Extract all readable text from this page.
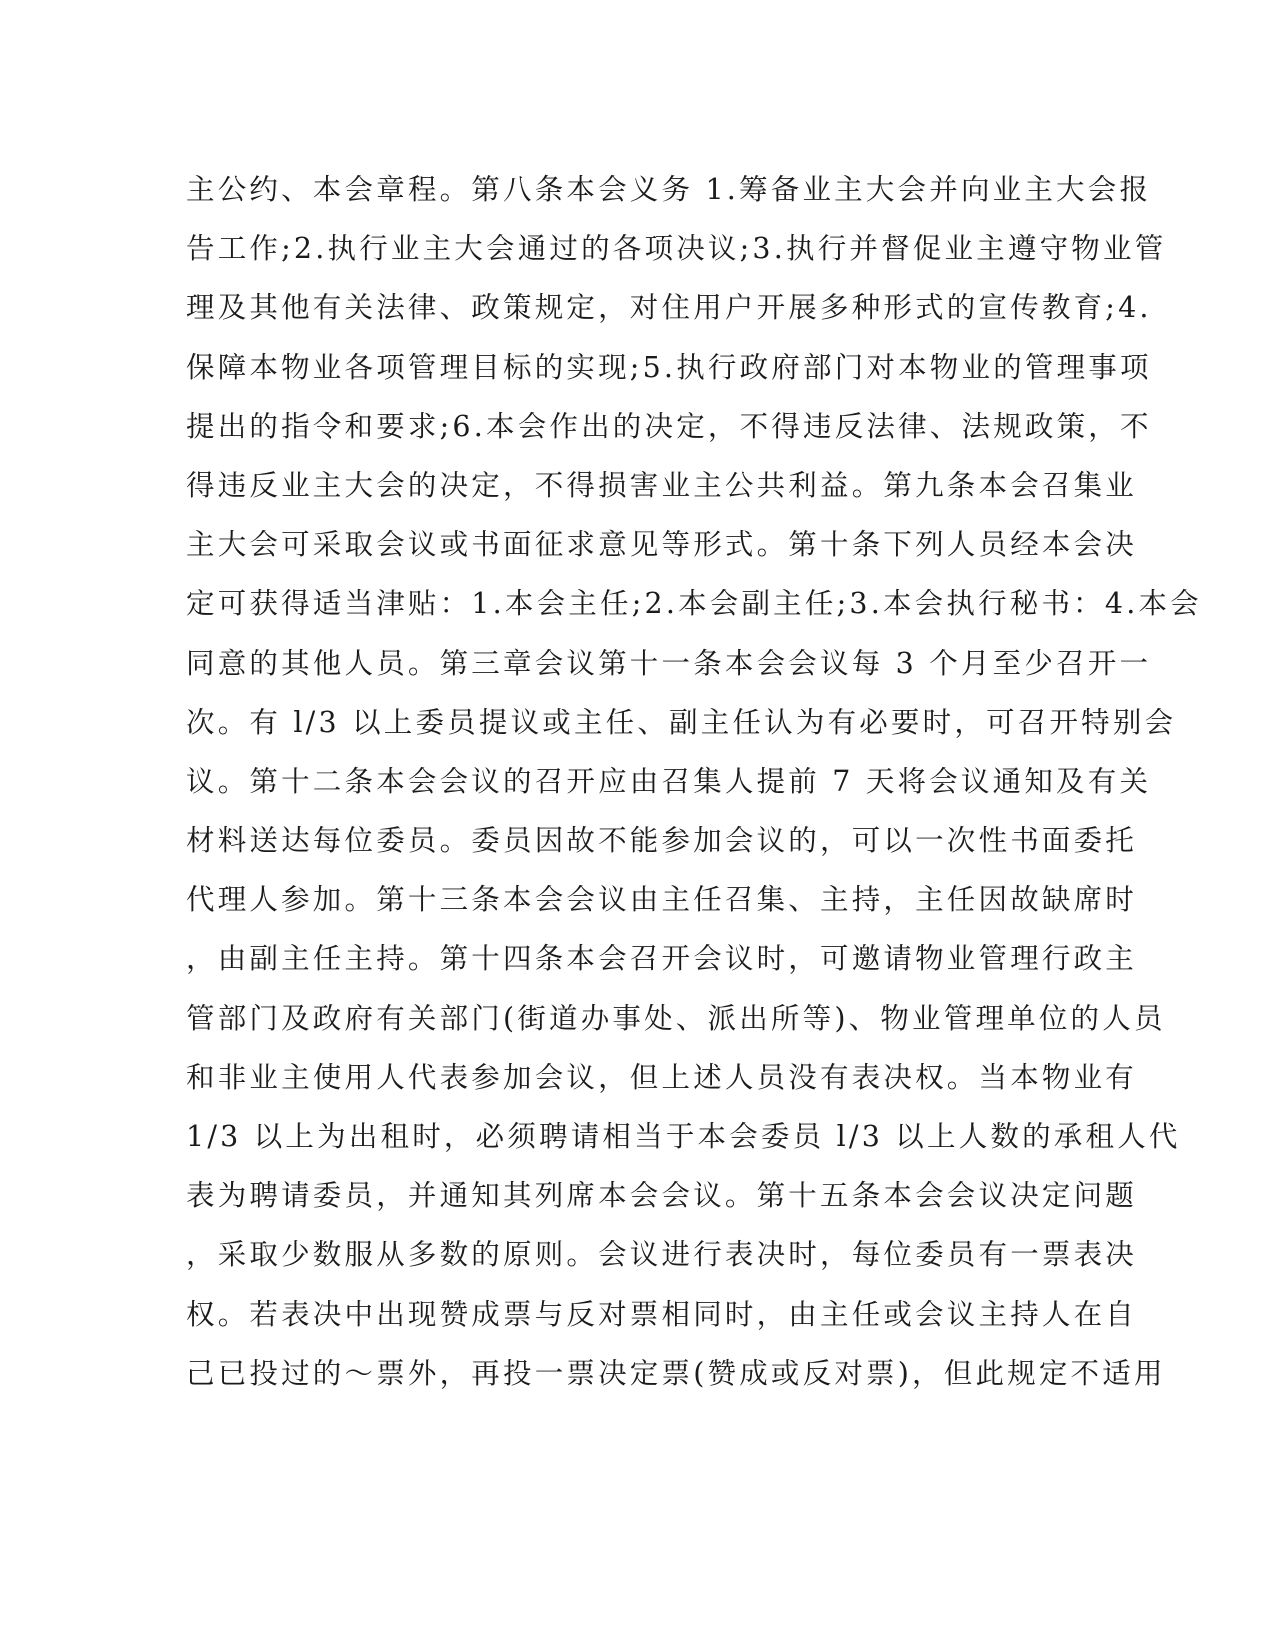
主公约、本会章程。第八条本会义务 1.筹备业主大会并向业主大会报
告工作;2.执行业主大会通过的各项决议;3.执行并督促业主遵守物业管
理及其他有关法律、政策规定，对住用户开展多种形式的宣传教育;4.
保障本物业各项管理目标的实现;5.执行政府部门对本物业的管理事项
提出的指令和要求;6.本会作出的决定，不得违反法律、法规政策，不
得违反业主大会的决定，不得损害业主公共利益。第九条本会召集业
主大会可采取会议或书面征求意见等形式。第十条下列人员经本会决
定可获得适当津贴：1.本会主任;2.本会副主任;3.本会执行秘书：4.本会
同意的其他人员。第三章会议第十一条本会会议每 3 个月至少召开一
次。有 l/3 以上委员提议或主任、副主任认为有必要时，可召开特别会
议。第十二条本会会议的召开应由召集人提前 7 天将会议通知及有关
材料送达每位委员。委员因故不能参加会议的，可以一次性书面委托
代理人参加。第十三条本会会议由主任召集、主持，主任因故缺席时
，由副主任主持。第十四条本会召开会议时，可邀请物业管理行政主
管部门及政府有关部门(街道办事处、派出所等)、物业管理单位的人员
和非业主使用人代表参加会议，但上述人员没有表决权。当本物业有
1/3 以上为出租时，必须聘请相当于本会委员 l/3 以上人数的承租人代
表为聘请委员，并通知其列席本会会议。第十五条本会会议决定问题
，采取少数服从多数的原则。会议进行表决时，每位委员有一票表决
权。若表决中出现赞成票与反对票相同时，由主任或会议主持人在自
己已投过的～票外，再投一票决定票(赞成或反对票)，但此规定不适用
